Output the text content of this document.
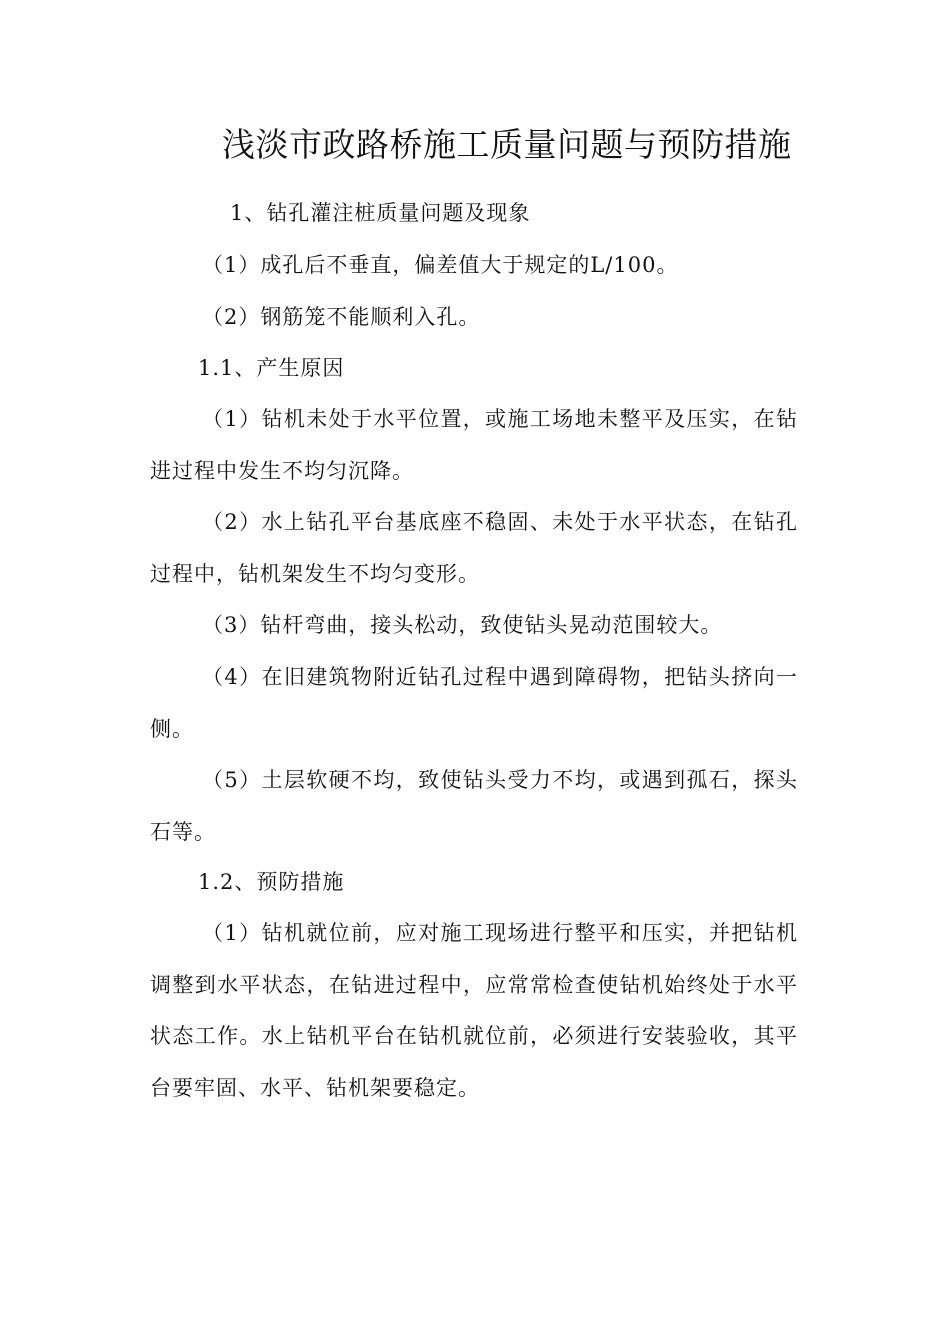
浅淡市政路桥施工质量问题与预防措施

1、钻孔灌注桩质量问题及现象

（1）成孔后不垂直，偏差值大于规定的L/100。

（2）钢筋笼不能顺利入孔。

1.1、产生原因

（1）钻机未处于水平位置，或施工场地未整平及压实，在钻进过程中发生不均匀沉降。

（2）水上钻孔平台基底座不稳固、未处于水平状态，在钻孔过程中，钻机架发生不均匀变形。

（3）钻杆弯曲，接头松动，致使钻头晃动范围较大。

（4）在旧建筑物附近钻孔过程中遇到障碍物，把钻头挤向一侧。

（5）土层软硬不均，致使钻头受力不均，或遇到孤石，探头石等。

1.2、预防措施

（1）钻机就位前，应对施工现场进行整平和压实，并把钻机调整到水平状态，在钻进过程中，应常常检查使钻机始终处于水平状态工作。水上钻机平台在钻机就位前，必须进行安装验收，其平台要牢固、水平、钻机架要稳定。
